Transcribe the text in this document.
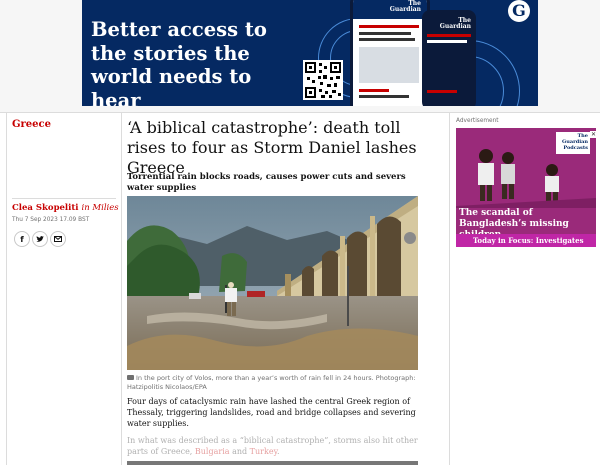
Better access to the stories the world needs to hear

The Guardian
The Guardian
G
Greece
Clea Skopeliti in Milies
Thu 7 Sep 2023 17.09 BST
f
‘A biblical catastrophe’: death toll rises to four as Storm Daniel lashes Greece

Torrential rain blocks roads, causes power cuts and severs water supplies

In the port city of Volos, more than a year’s worth of rain fell in 24 hours. Photograph: Hatzipolitis Nicolaos/EPA

Four days of cataclysmic rain have lashed the central Greek region of Thessaly, triggering landslides, road and bridge collapses and severing water supplies.

In what was described as a “biblical catastrophe”, storms also hit other parts of Greece, Bulgaria and Turkey.

Advertisement
The Guardian Podcasts

The scandal of Bangladesh’s missing

Today in Focus: Investigates
✕
